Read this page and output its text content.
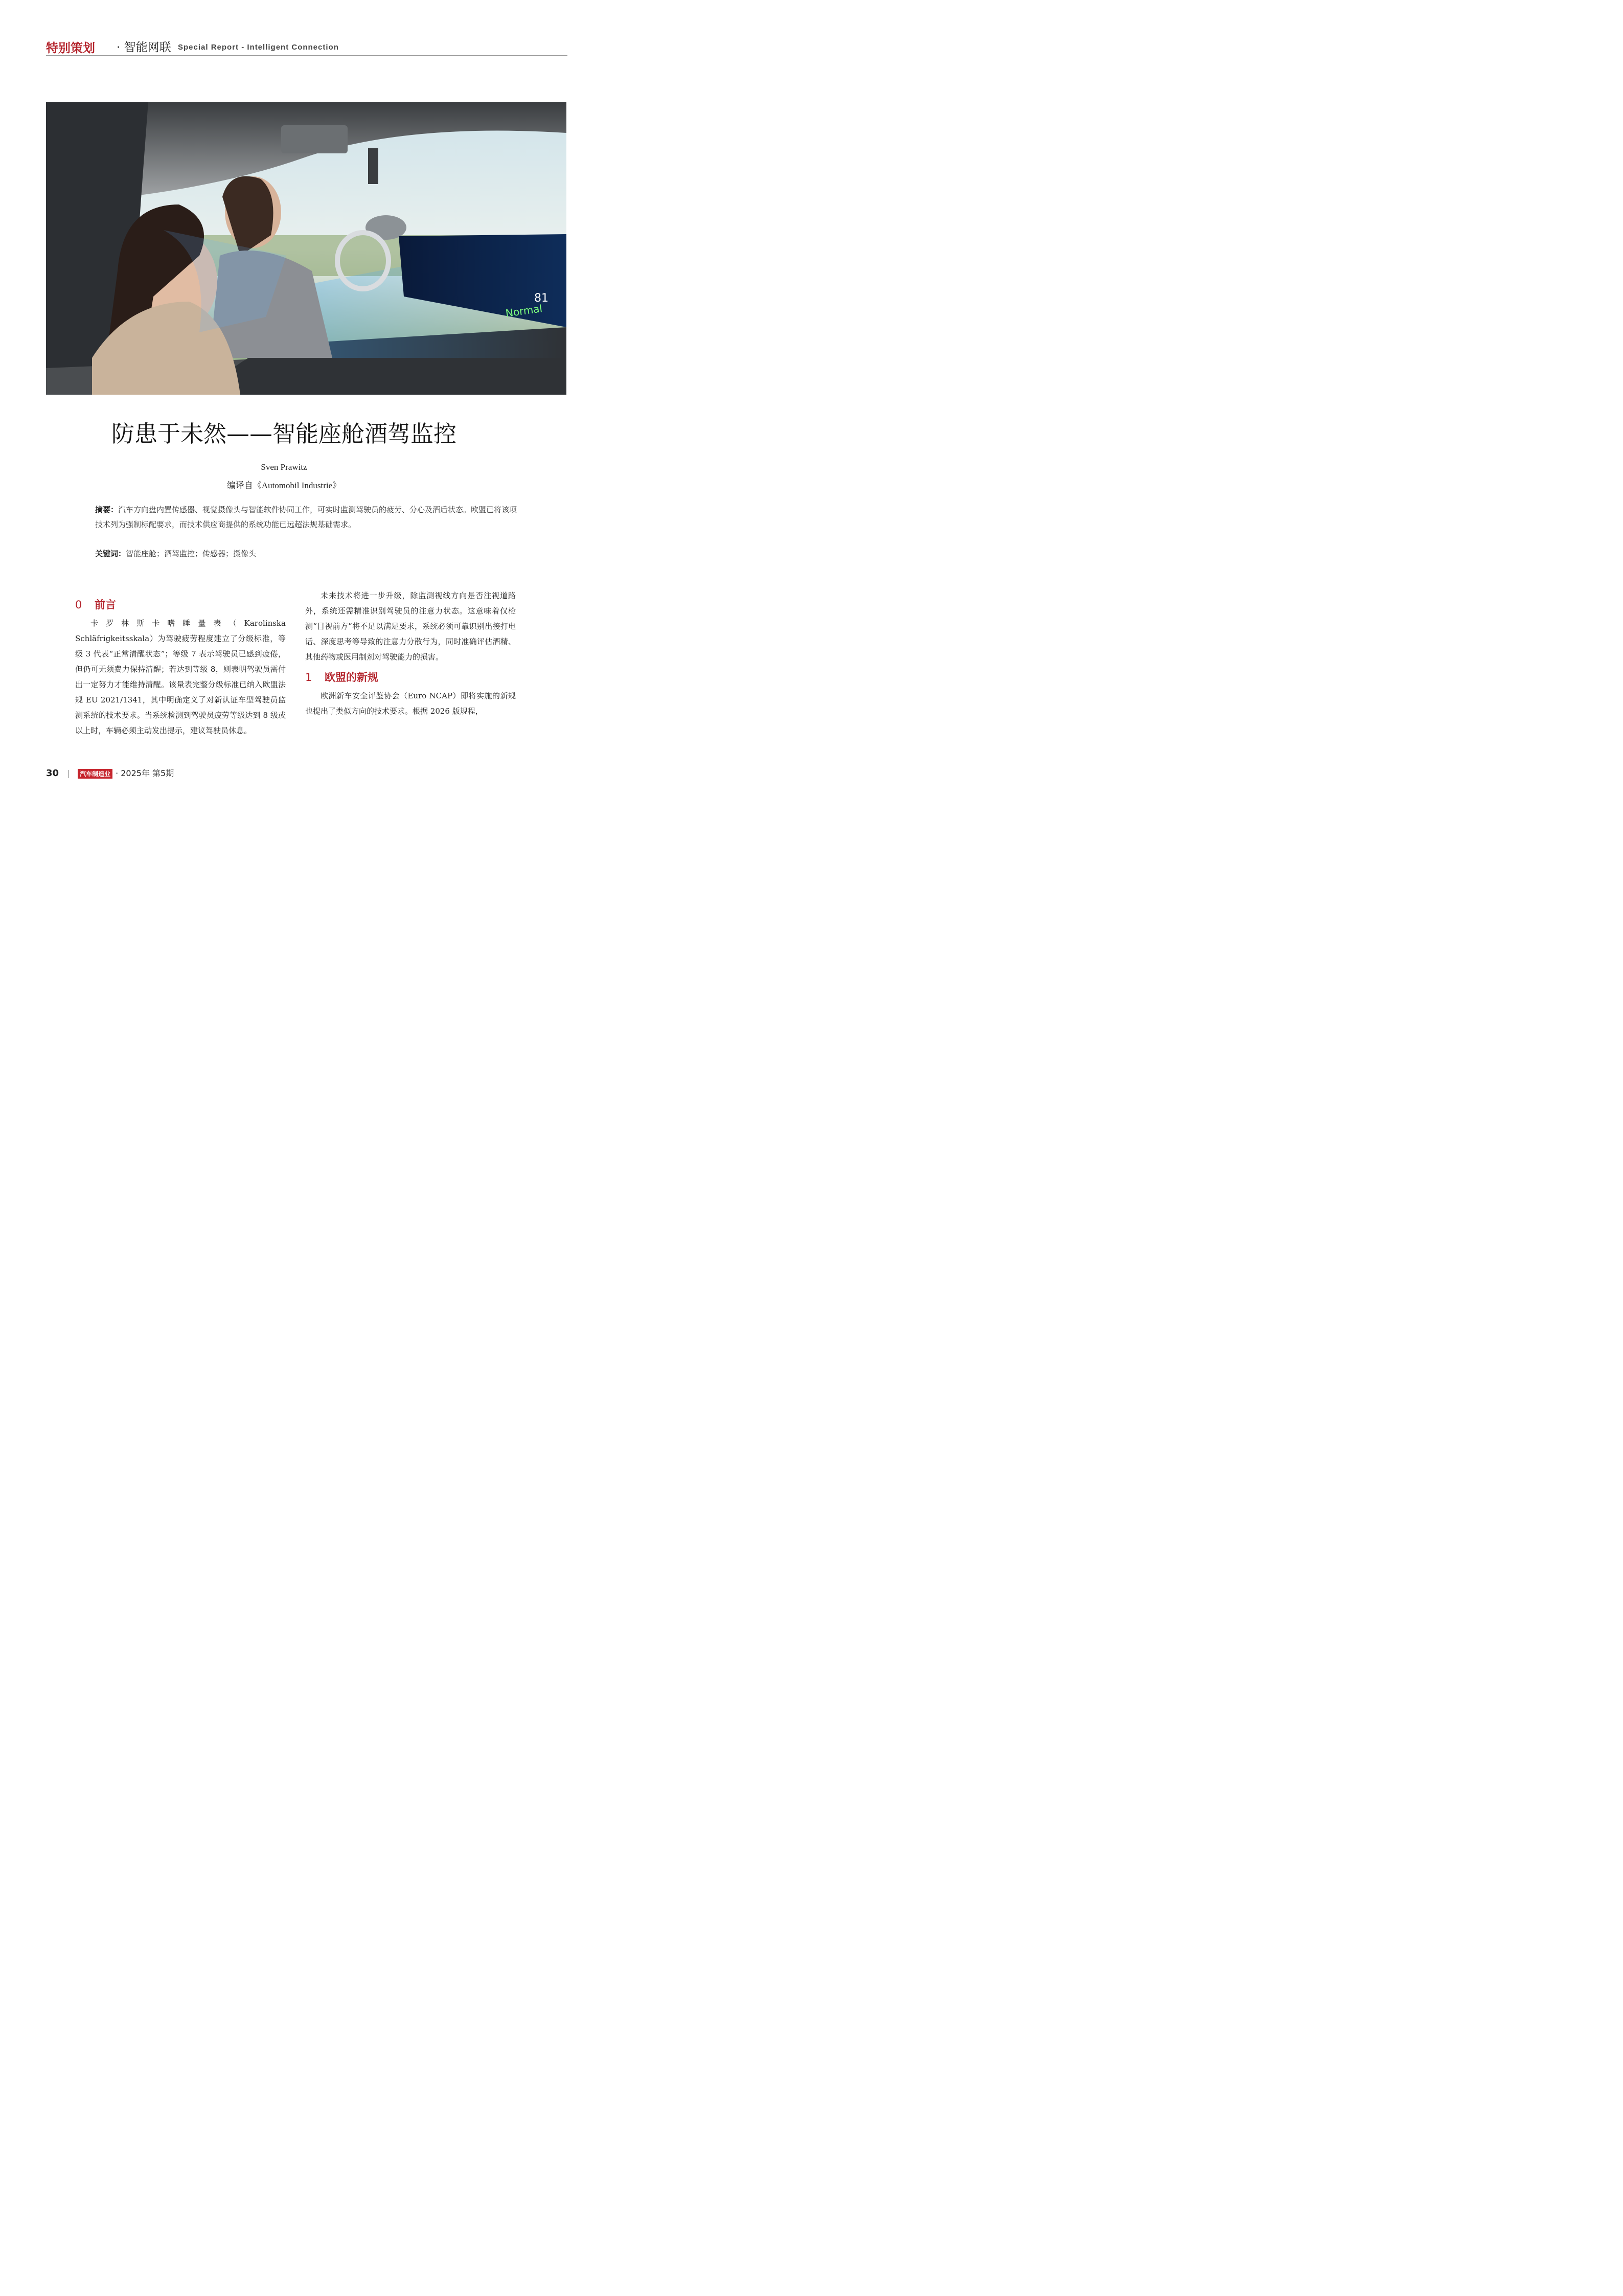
特别策划 · 智能网联 Special Report - Intelligent Connection
Normal
81
防患于未然——智能座舱酒驾监控
Sven Prawitz
编译自《Automobil Industrie》
摘要：汽车方向盘内置传感器、视觉摄像头与智能软件协同工作，可实时监测驾驶员的疲劳、分心及酒后状态。欧盟已将该项技术列为强制标配要求，而技术供应商提供的系统功能已远超法规基础需求。
关键词：智能座舱；酒驾监控；传感器；摄像头
0 前言

卡罗林斯卡嗜睡量表（Karolinska Schläfrigkeitsskala）为驾驶疲劳程度建立了分级标准，等级 3 代表“正常清醒状态”；等级 7 表示驾驶员已感到疲倦，但仍可无须费力保持清醒；若达到等级 8，则表明驾驶员需付出一定努力才能维持清醒。该量表完整分级标准已纳入欧盟法规 EU 2021/1341，其中明确定义了对新认证车型驾驶员监测系统的技术要求。当系统检测到驾驶员疲劳等级达到 8 级或以上时，车辆必须主动发出提示，建议驾驶员休息。

未来技术将进一步升级，除监测视线方向是否注视道路外，系统还需精准识别驾驶员的注意力状态。这意味着仅检测“目视前方”将不足以满足要求，系统必须可靠识别出接打电话、深度思考等导致的注意力分散行为，同时准确评估酒精、其他药物或医用制剂对驾驶能力的损害。

1 欧盟的新规

欧洲新车安全评鉴协会（Euro NCAP）即将实施的新规也提出了类似方向的技术要求。根据 2026 版规程，

30	汽车制造业 · 2025年 第5期
